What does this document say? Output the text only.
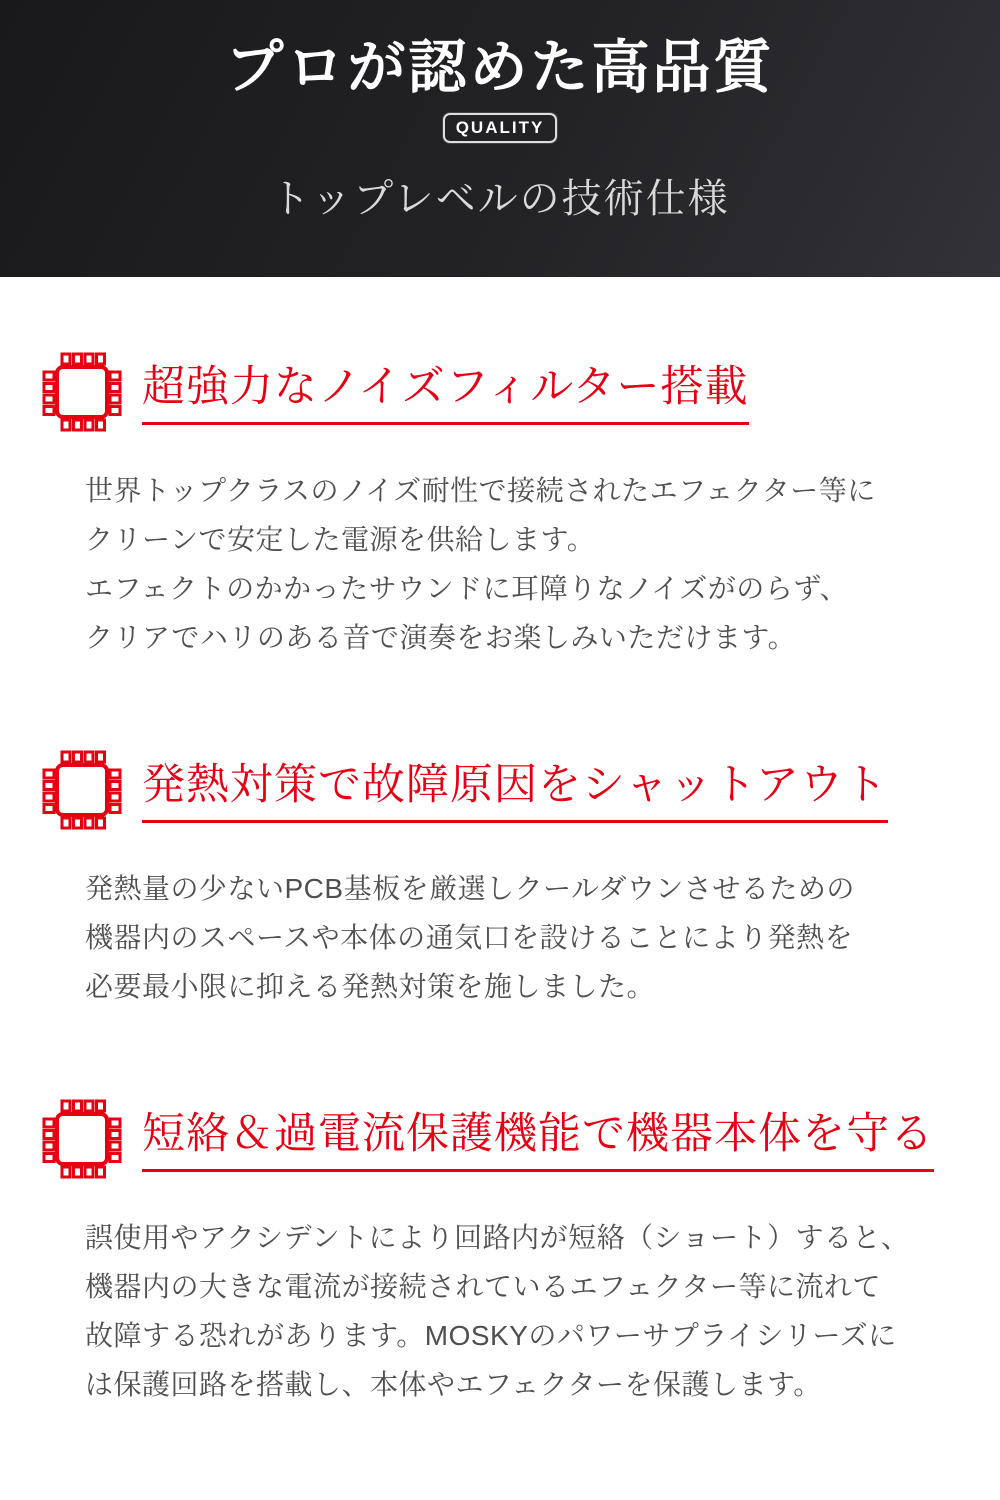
プロが認めた高品質
QUALITY
トップレベルの技術仕様
超強力なノイズフィルター搭載

世界トップクラスのノイズ耐性で接続されたエフェクター等に
クリーンで安定した電源を供給します。
エフェクトのかかったサウンドに耳障りなノイズがのらず、
クリアでハリのある音で演奏をお楽しみいただけます。

発熱対策で故障原因をシャットアウト

発熱量の少ないPCB基板を厳選しクールダウンさせるための
機器内のスペースや本体の通気口を設けることにより発熱を
必要最小限に抑える発熱対策を施しました。

短絡＆過電流保護機能で機器本体を守る

誤使用やアクシデントにより回路内が短絡（ショート）すると、
機器内の大きな電流が接続されているエフェクター等に流れて
故障する恐れがあります。MOSKYのパワーサプライシリーズに
は保護回路を搭載し、本体やエフェクターを保護します。
